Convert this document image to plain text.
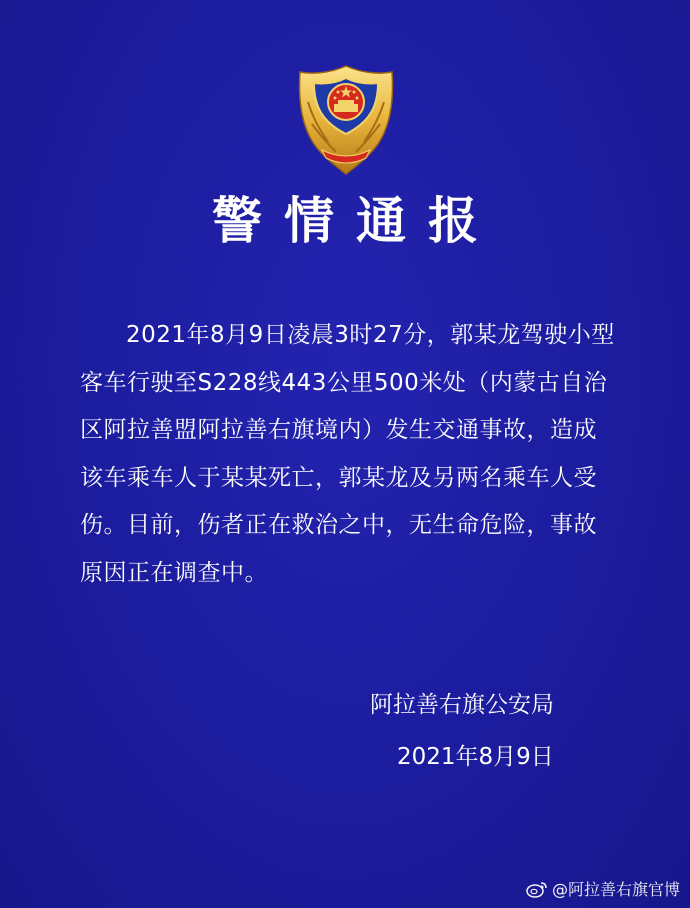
警情通报

2021年8月9日凌晨3时27分，郭某龙驾驶小型客车行驶至S228线443公里500米处（内蒙古自治区阿拉善盟阿拉善右旗境内）发生交通事故，造成该车乘车人于某某死亡，郭某龙及另两名乘车人受伤。目前，伤者正在救治之中，无生命危险，事故原因正在调查中。

阿拉善右旗公安局
2021年8月9日
@阿拉善右旗官博
